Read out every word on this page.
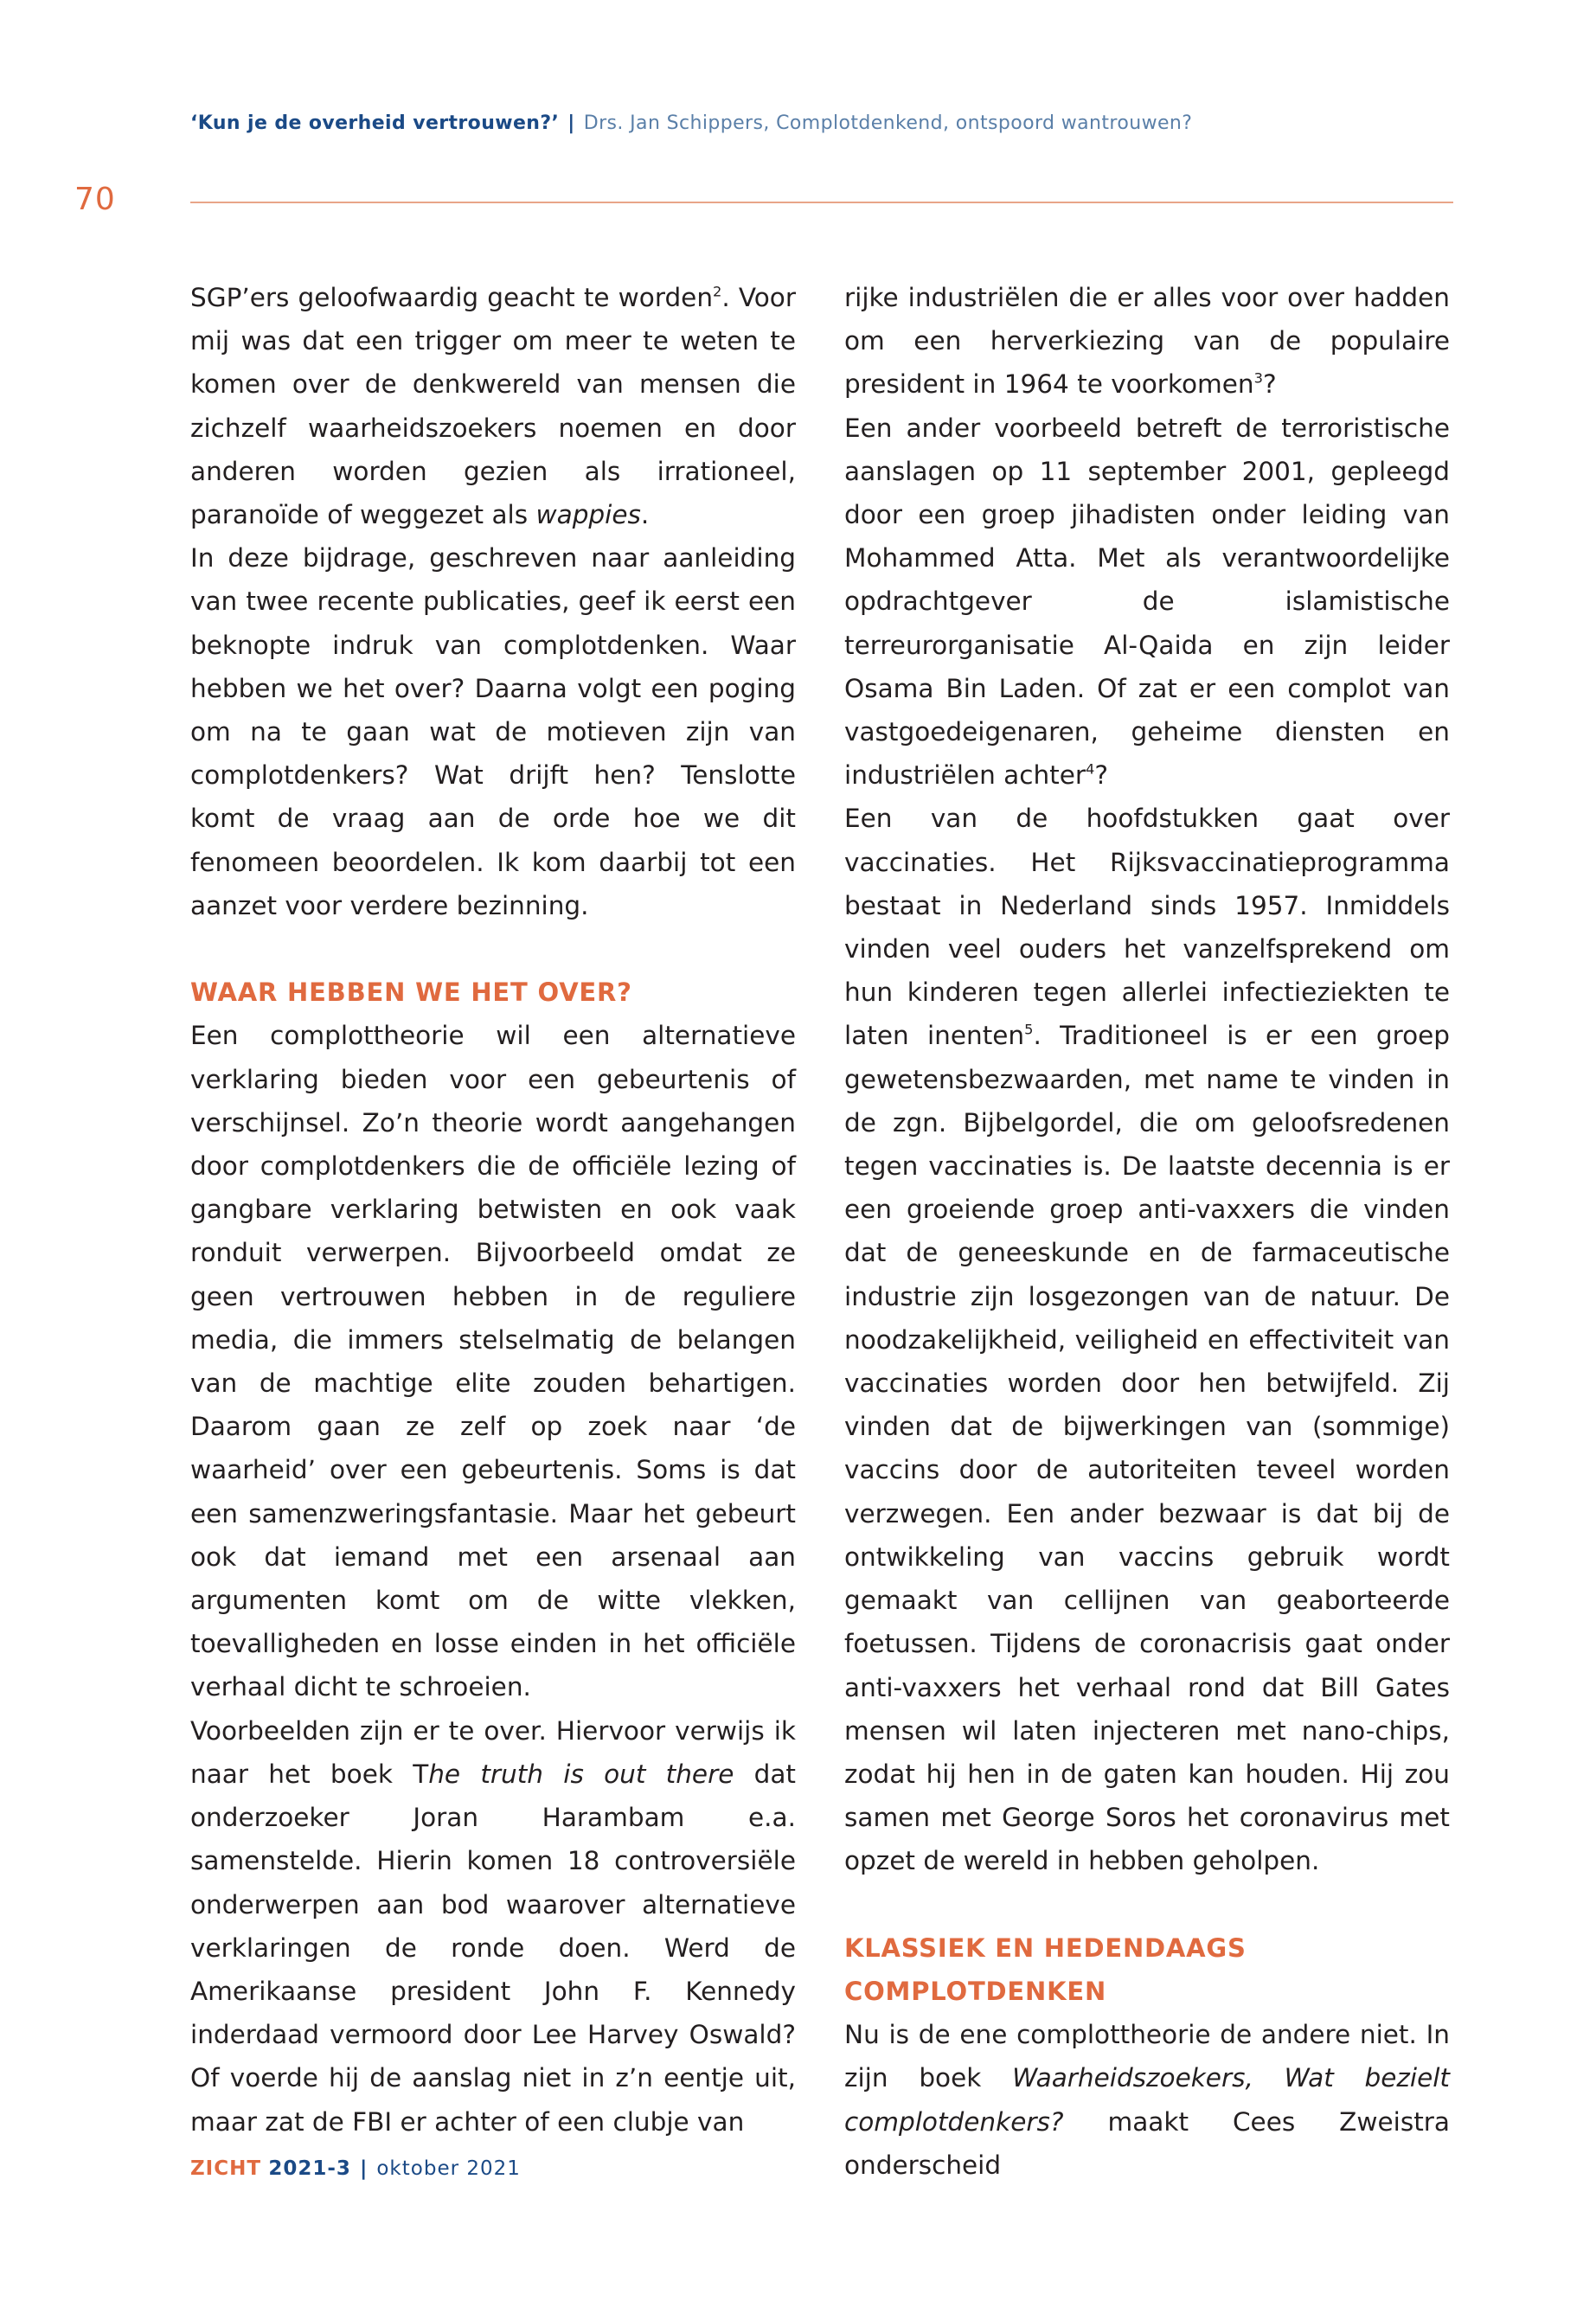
‘Kun je de overheid vertrouwen?’ | Drs. Jan Schippers, Complotdenkend, ontspoord wantrouwen?
70

SGP’ers geloofwaardig geacht te worden$^2$. Voor mij was dat een trigger om meer te weten te komen over de denkwereld van mensen die zichzelf waarheidszoekers noemen en door anderen worden gezien als irrationeel, paranoïde of weggezet als wappies.

In deze bijdrage, geschreven naar aanleiding van twee recente publicaties, geef ik eerst een beknopte indruk van complotdenken. Waar hebben we het over? Daarna volgt een poging om na te gaan wat de motieven zijn van complotdenkers? Wat drijft hen? Tenslotte komt de vraag aan de orde hoe we dit fenomeen beoordelen. Ik kom daarbij tot een aanzet voor verdere bezinning.

WAAR HEBBEN WE HET OVER?

Een complottheorie wil een alternatieve verklaring bieden voor een gebeurtenis of verschijnsel. Zo’n theorie wordt aangehangen door complotdenkers die de officiële lezing of gangbare verklaring betwisten en ook vaak ronduit verwerpen. Bijvoorbeeld omdat ze geen vertrouwen hebben in de reguliere media, die immers stelselmatig de belangen van de machtige elite zouden behartigen. Daarom gaan ze zelf op zoek naar ‘de waarheid’ over een gebeurtenis. Soms is dat een samenzweringsfantasie. Maar het gebeurt ook dat iemand met een arsenaal aan argumenten komt om de witte vlekken, toevalligheden en losse einden in het officiële verhaal dicht te schroeien.

Voorbeelden zijn er te over. Hiervoor verwijs ik naar het boek The truth is out there dat onderzoeker Joran Harambam e.a. samenstelde. Hierin komen 18 controversiële onderwerpen aan bod waarover alternatieve verklaringen de ronde doen. Werd de Amerikaanse president John F. Kennedy inderdaad vermoord door Lee Harvey Oswald? Of voerde hij de aanslag niet in z’n eentje uit, maar zat de FBI er achter of een clubje van

rijke industriëlen die er alles voor over hadden om een herverkiezing van de populaire president in 1964 te voorkomen$^3$?

Een ander voorbeeld betreft de terroristische aanslagen op 11 september 2001, gepleegd door een groep jihadisten onder leiding van Mohammed Atta. Met als verantwoordelijke opdrachtgever de islamistische terreurorganisatie Al-Qaida en zijn leider Osama Bin Laden. Of zat er een complot van vastgoedeigenaren, geheime diensten en industriëlen achter$^4$?

Een van de hoofdstukken gaat over vaccinaties. Het Rijksvaccinatieprogramma bestaat in Nederland sinds 1957. Inmiddels vinden veel ouders het vanzelfsprekend om hun kinderen tegen allerlei infectieziekten te laten inenten$^5$. Traditioneel is er een groep gewetensbezwaarden, met name te vinden in de zgn. Bijbelgordel, die om geloofsredenen tegen vaccinaties is. De laatste decennia is er een groeiende groep anti-vaxxers die vinden dat de geneeskunde en de farmaceutische industrie zijn losgezongen van de natuur. De noodzakelijkheid, veiligheid en effectiviteit van vaccinaties worden door hen betwijfeld. Zij vinden dat de bijwerkingen van (sommige) vaccins door de autoriteiten teveel worden verzwegen. Een ander bezwaar is dat bij de ontwikkeling van vaccins gebruik wordt gemaakt van cellijnen van geaborteerde foetussen. Tijdens de coronacrisis gaat onder anti-vaxxers het verhaal rond dat Bill Gates mensen wil laten injecteren met nano-chips, zodat hij hen in de gaten kan houden. Hij zou samen met George Soros het coronavirus met opzet de wereld in hebben geholpen.

KLASSIEK EN HEDENDAAGS COMPLOTDENKEN

Nu is de ene complottheorie de andere niet. In zijn boek Waarheidszoekers, Wat bezielt complotdenkers? maakt Cees Zweistra onderscheid

ZICHT 2021-3 | oktober 2021
